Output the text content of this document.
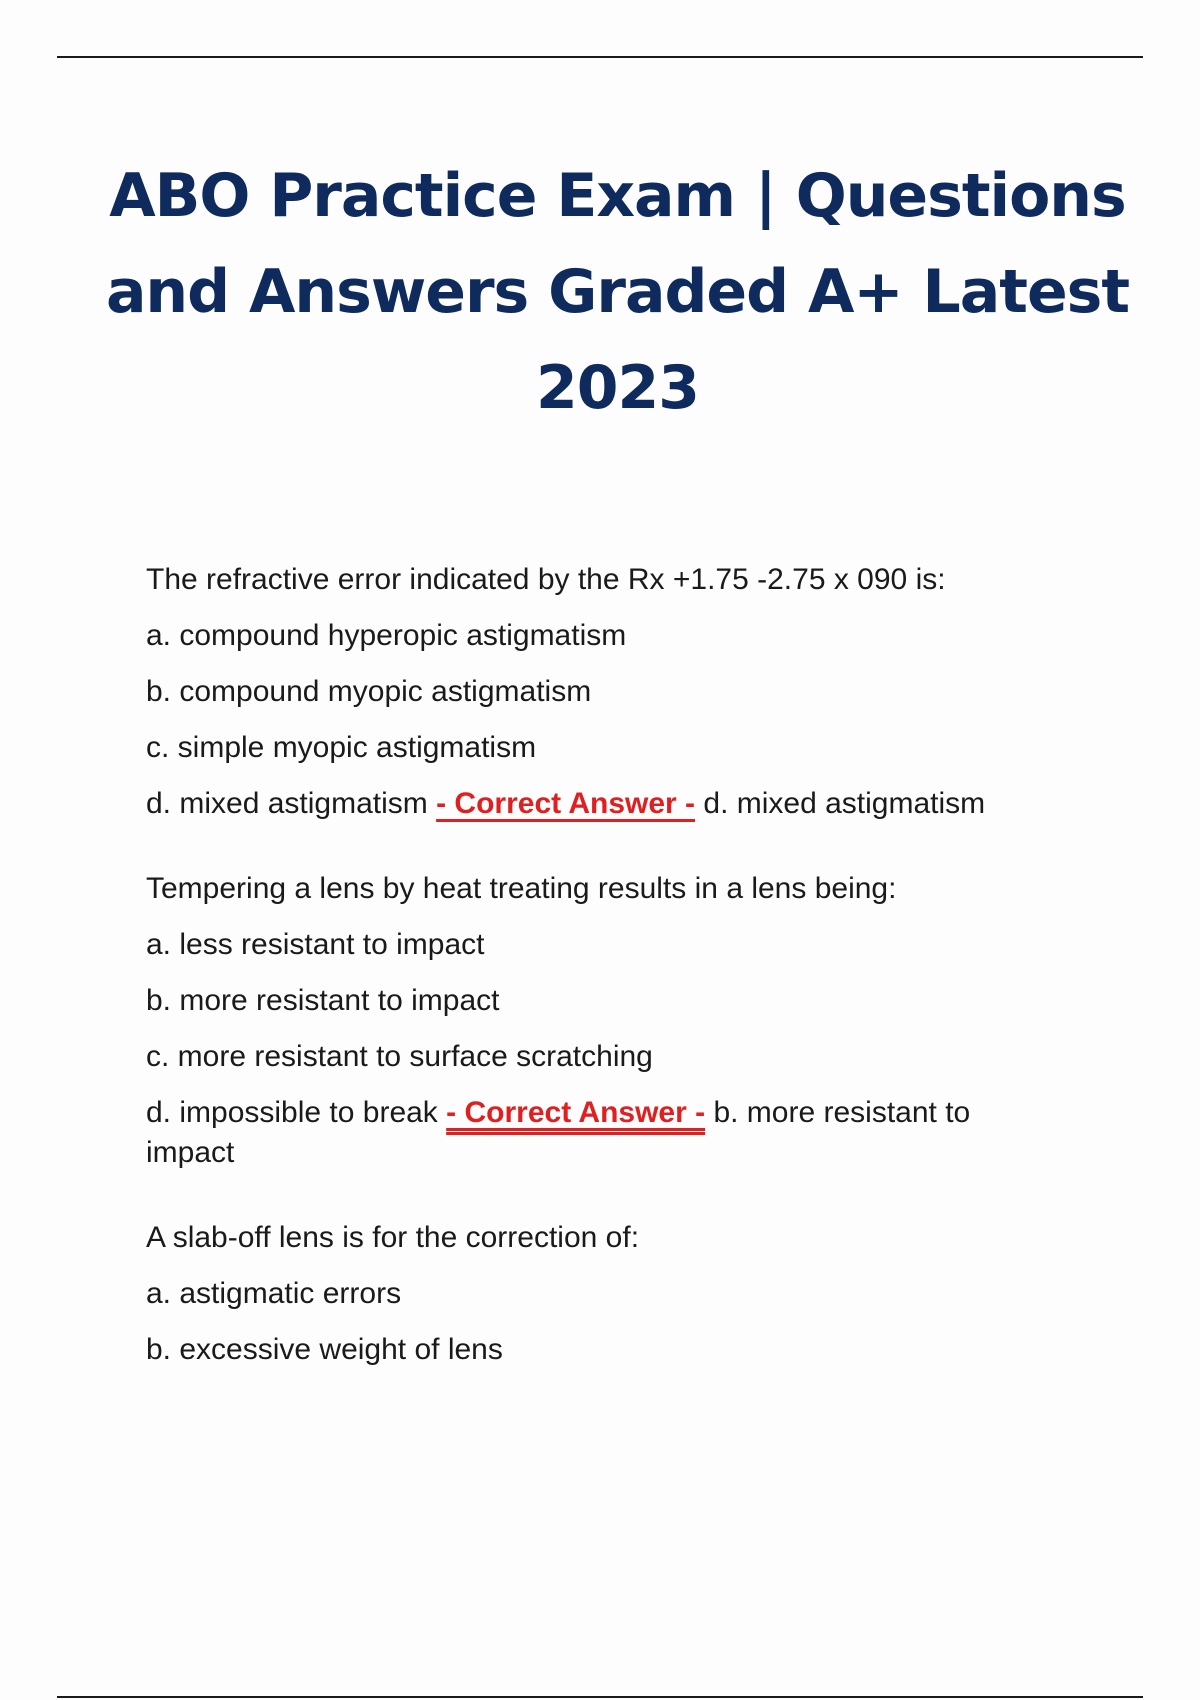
ABO Practice Exam | Questions and Answers Graded A+ Latest 2023

The refractive error indicated by the Rx +1.75 -2.75 x 090 is:

a. compound hyperopic astigmatism

b. compound myopic astigmatism

c. simple myopic astigmatism

d. mixed astigmatism - Correct Answer - d. mixed astigmatism

Tempering a lens by heat treating results in a lens being:

a. less resistant to impact

b. more resistant to impact

c. more resistant to surface scratching

d. impossible to break - Correct Answer - b. more resistant to impact

A slab-off lens is for the correction of:

a. astigmatic errors

b. excessive weight of lens
